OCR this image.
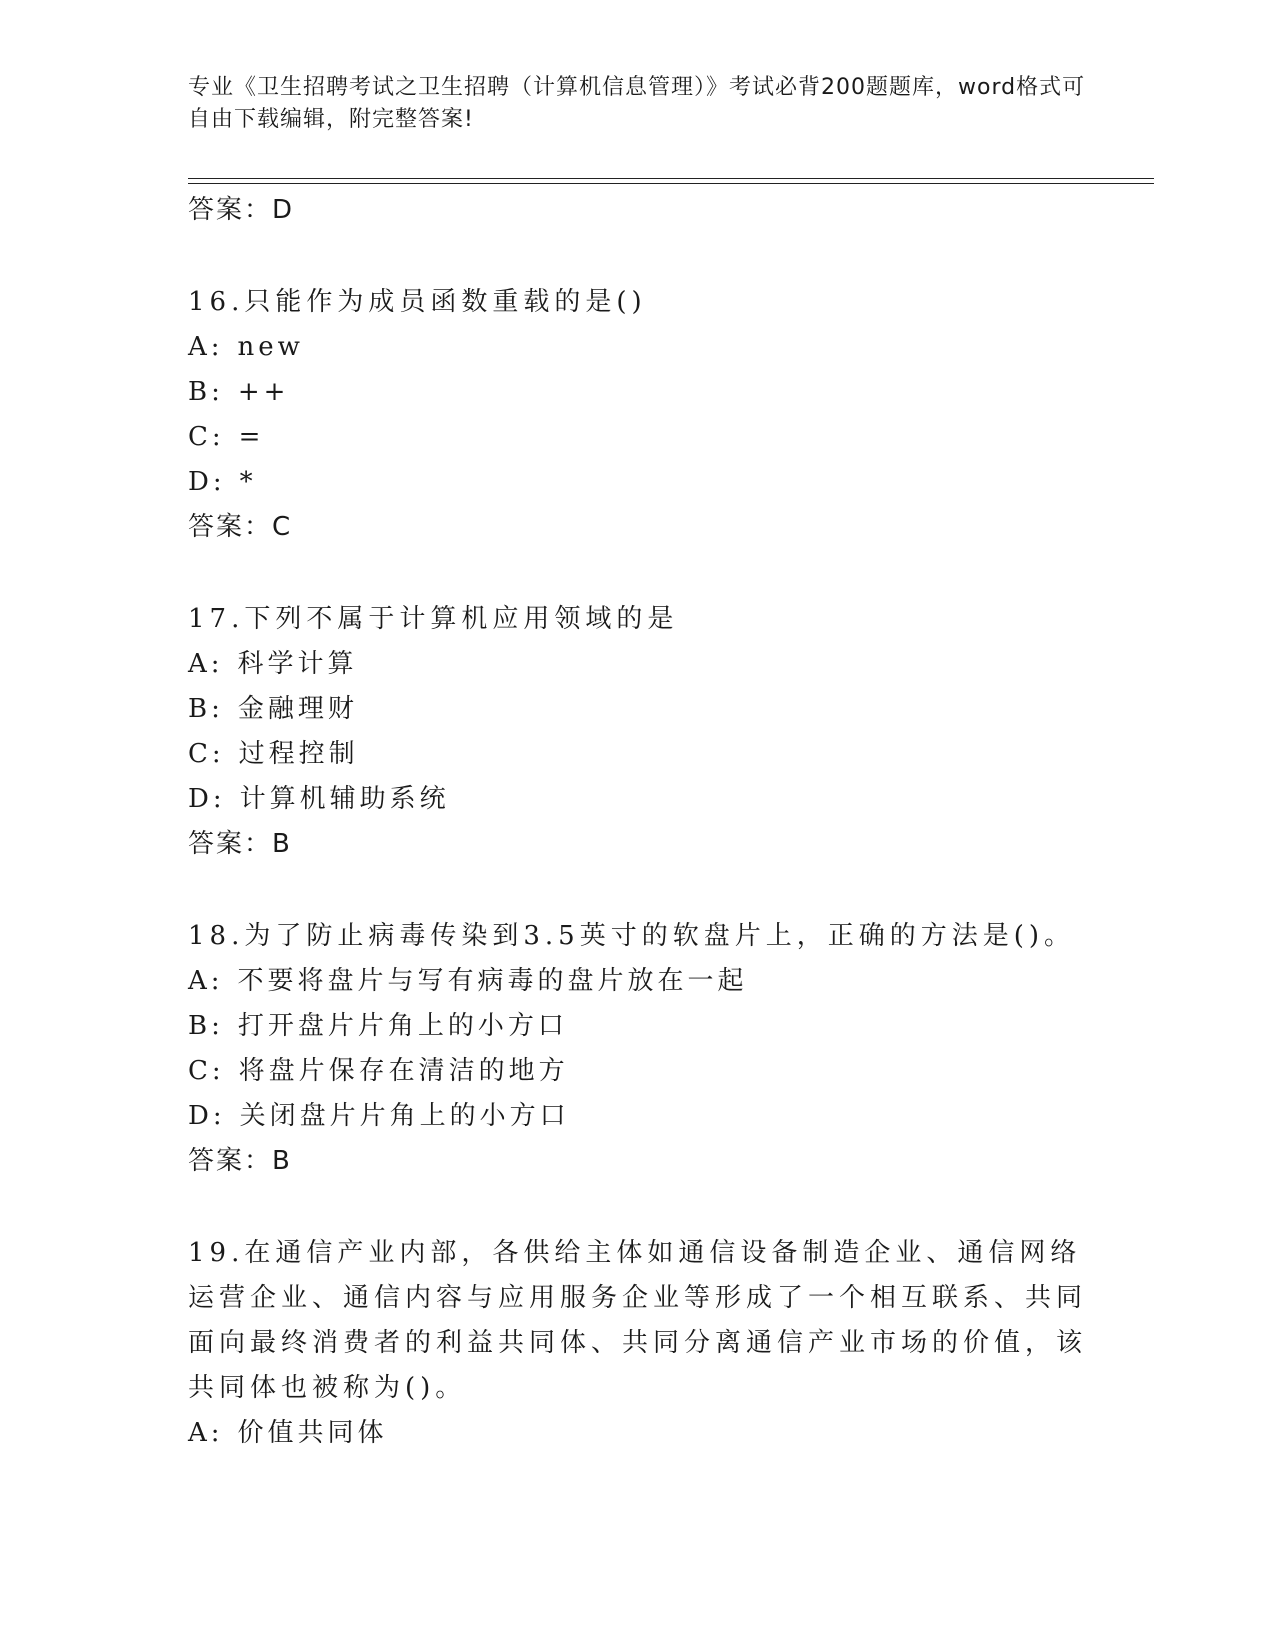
专业《卫生招聘考试之卫生招聘（计算机信息管理）》考试必背200题题库，word格式可自由下载编辑，附完整答案!

答案：D

16.只能作为成员函数重载的是()

A: new

B: ++

C: =

D: *

答案：C

17.下列不属于计算机应用领域的是

A: 科学计算

B: 金融理财

C: 过程控制

D: 计算机辅助系统

答案：B

18.为了防止病毒传染到3.5英寸的软盘片上，正确的方法是()。

A: 不要将盘片与写有病毒的盘片放在一起

B: 打开盘片片角上的小方口

C: 将盘片保存在清洁的地方

D: 关闭盘片片角上的小方口

答案：B

19.在通信产业内部，各供给主体如通信设备制造企业、通信网络运营企业、通信内容与应用服务企业等形成了一个相互联系、共同面向最终消费者的利益共同体、共同分离通信产业市场的价值，该共同体也被称为()。

A: 价值共同体
